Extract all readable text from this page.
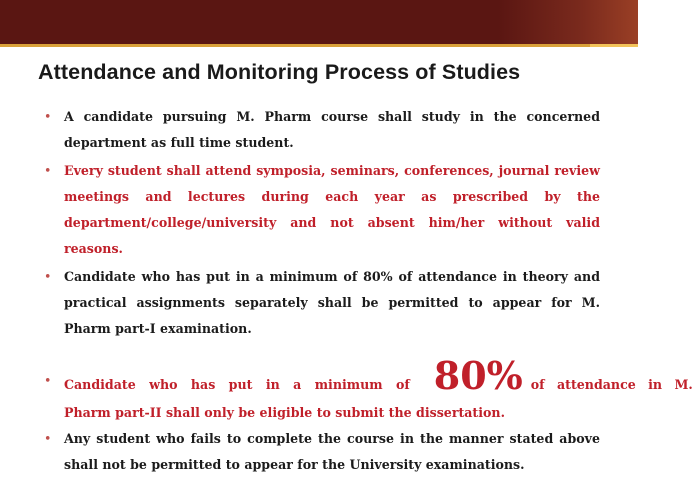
Attendance and Monitoring Process of Studies
• A candidate pursuing M. Pharm course shall study in the concerned department as full time student.
• Every student shall attend symposia, seminars, conferences, journal review meetings and lectures during each year as prescribed by the department/college/university and not absent him/her without valid reasons.
• Candidate who has put in a minimum of 80% of attendance in theory and practical assignments separately shall be permitted to appear for M. Pharm part-I examination.
• Candidate who has put in a minimum of 80% of attendance in M.
Pharm part-II shall only be eligible to submit the dissertation.
• Any student who fails to complete the course in the manner stated above shall not be permitted to appear for the University examinations.
